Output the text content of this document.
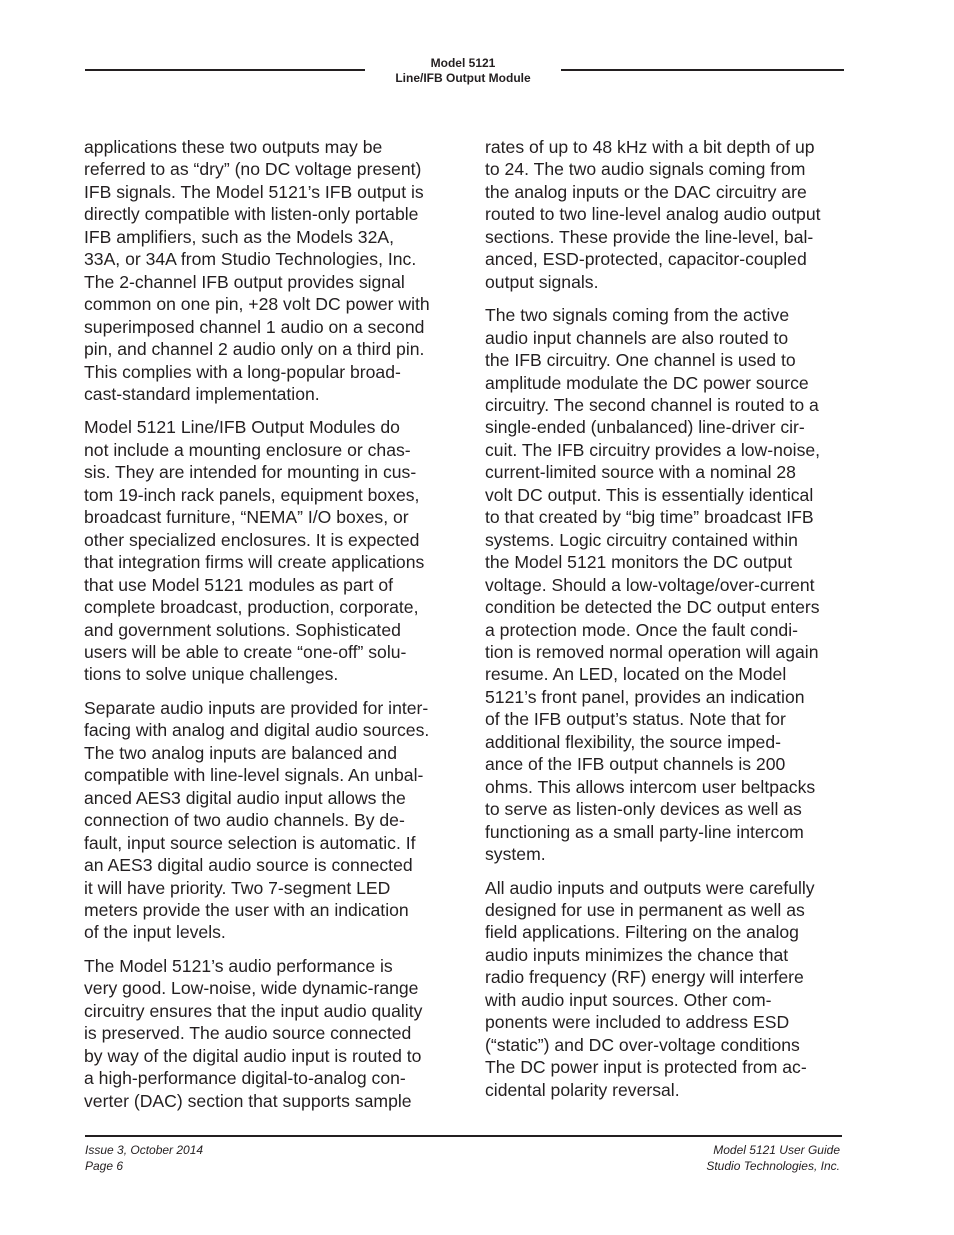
Model 5121
Line/IFB Output Module

applications these two outputs may be
referred to as “dry” (no DC voltage present)
IFB signals. The Model 5121’s IFB output is
directly compatible with listen-only portable
IFB amplifiers, such as the Models 32A,
33A, or 34A from Studio Technologies, Inc.
The 2-channel IFB output provides signal
common on one pin, +28 volt DC power with
superimposed channel 1 audio on a second
pin, and channel 2 audio only on a third pin.
This complies with a long-popular broad-
cast-standard implementation.

Model 5121 Line/IFB Output Modules do
not include a mounting enclosure or chas-
sis. They are intended for mounting in cus-
tom 19-inch rack panels, equipment boxes,
broadcast furniture, “NEMA” I/O boxes, or
other specialized enclosures. It is expected
that integration firms will create applications
that use Model 5121 modules as part of
complete broadcast, production, corporate,
and government solutions. Sophisticated
users will be able to create “one-off” solu-
tions to solve unique challenges.

Separate audio inputs are provided for inter-
facing with analog and digital audio sources.
The two analog inputs are balanced and
compatible with line-level signals. An unbal-
anced AES3 digital audio input allows the
connection of two audio channels. By de-
fault, input source selection is automatic. If
an AES3 digital audio source is connected
it will have priority. Two 7-segment LED
meters provide the user with an indication
of the input levels.

The Model 5121’s audio performance is
very good. Low-noise, wide dynamic-range
circuitry ensures that the input audio quality
is preserved. The audio source connected
by way of the digital audio input is routed to
a high-performance digital-to-analog con-
verter (DAC) section that supports sample

rates of up to 48 kHz with a bit depth of up
to 24. The two audio signals coming from
the analog inputs or the DAC circuitry are
routed to two line-level analog audio output
sections. These provide the line-level, bal-
anced, ESD-protected, capacitor-coupled
output signals.

The two signals coming from the active
audio input channels are also routed to
the IFB circuitry. One channel is used to
amplitude modulate the DC power source
circuitry. The second channel is routed to a
single-ended (unbalanced) line-driver cir-
cuit. The IFB circuitry provides a low-noise,
current-limited source with a nominal 28
volt DC output. This is essentially identical
to that created by “big time” broadcast IFB
systems. Logic circuitry contained within
the Model 5121 monitors the DC output
voltage. Should a low-voltage/over-current
condition be detected the DC output enters
a protection mode. Once the fault condi-
tion is removed normal operation will again
resume. An LED, located on the Model
5121’s front panel, provides an indication
of the IFB output’s status. Note that for
additional flexibility, the source imped-
ance of the IFB output channels is 200
ohms. This allows intercom user beltpacks
to serve as listen-only devices as well as
functioning as a small party-line intercom
system.

All audio inputs and outputs were carefully
designed for use in permanent as well as
field applications. Filtering on the analog
audio inputs minimizes the chance that
radio frequency (RF) energy will interfere
with audio input sources. Other com-
ponents were included to address ESD
(“static”) and DC over-voltage conditions
The DC power input is protected from ac-
cidental polarity reversal.

Issue 3, October 2014
Page 6
Model 5121 User Guide
Studio Technologies, Inc.
